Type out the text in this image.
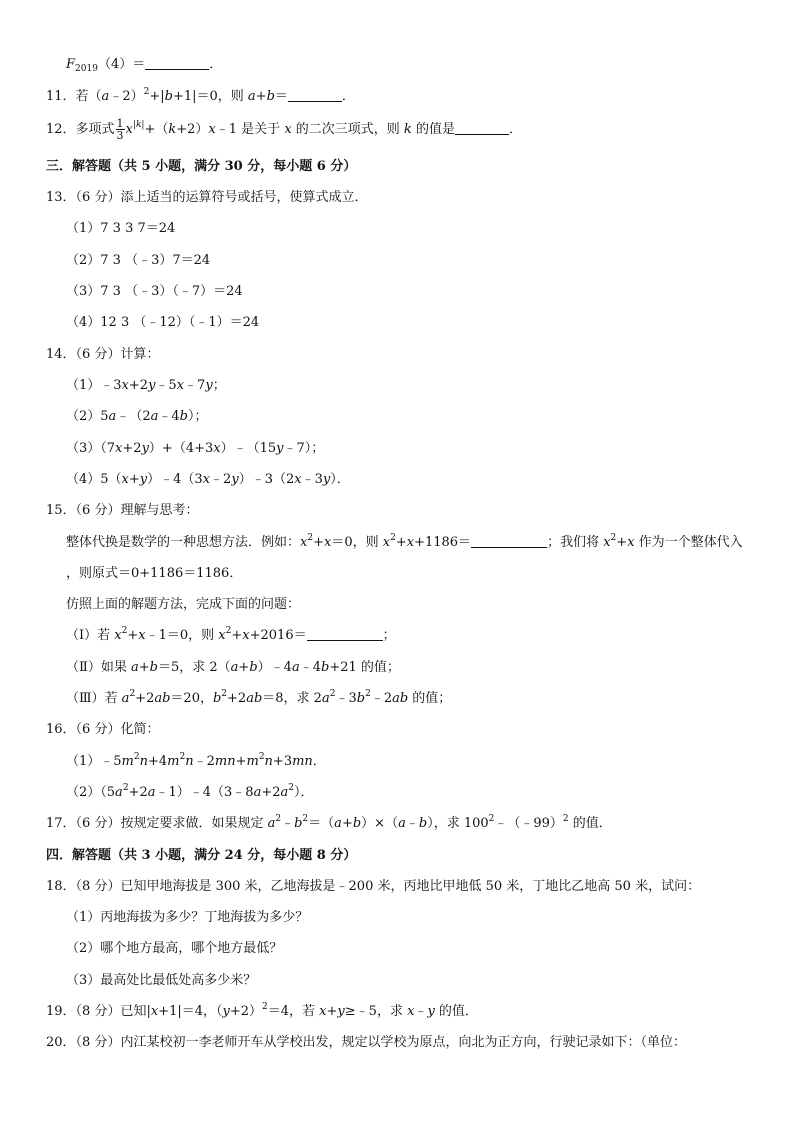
$F_{2019}(4)=$	．
11．若（a﹣2）$^2$+|b+1|＝0，则 a+b＝	．
12．多项式 $\frac{1}{3}$ $x^{|k|}+(k+2)x﹣1$ 是关于 x 的二次三项式，则 k 的值是	．
三．解答题（共 5 小题，满分 30 分，每小题 6 分）
13．（6 分）添上适当的运算符号或括号，使算式成立．
（1）7 3 3 7＝24
（2）7 3 （﹣3）7＝24
（3）7 3 （﹣3）（﹣7）＝24
（4）12 3 （﹣12）（﹣1）＝24
14．（6 分）计算：
（1）﹣3x+2y﹣5x﹣7y；
（2）5a﹣（2a﹣4b）；
（3）（7x+2y）+（4+3x）﹣（15y﹣7）；
（4）5（x+y）﹣4（3x﹣2y）﹣3（2x﹣3y）．
15．（6 分）理解与思考：
整体代换是数学的一种思想方法．例如：$x^2+x=0$，则 $x^2+x+1186=$	；我们将 $x^2+x$ 作为一个整体代入
，则原式＝0+1186＝1186．
仿照上面的解题方法，完成下面的问题：
（Ⅰ）若 $x^2+x﹣1=0$，则 $x^2+x+2016=$	；
（Ⅱ）如果 a+b＝5，求 2（a+b）﹣4a﹣4b+21 的值；
（Ⅲ）若 $a^2+2ab=20$，$b^2+2ab=8$，求 $2a^2﹣3b^2﹣2ab$ 的值；
16．（6 分）化简：
$(1)﹣5m^2n+4m^2n﹣2mn+m^2n+3mn$．
$(2)(5a^2+2a﹣1)﹣4(3﹣8a+2a^2)$．
17．（6 分）按规定要求做．如果规定 $a^2﹣b^2=(a+b)\times(a﹣b)$，求 $100^2﹣(﹣99)^2$ 的值．
四．解答题（共 3 小题，满分 24 分，每小题 8 分）
18．（8 分）已知甲地海拔是 300 米，乙地海拔是﹣200 米，丙地比甲地低 50 米，丁地比乙地高 50 米，试问：
（1）丙地海拔为多少？丁地海拔为多少？
（2）哪个地方最高，哪个地方最低？
（3）最高处比最低处高多少米？
19．（8 分）已知|x+1|＝4，$(y+2)^2=4$，若 x+y≥﹣5，求 x﹣y 的值．
20．（8 分）内江某校初一李老师开车从学校出发，规定以学校为原点，向北为正方向，行驶记录如下：（单位：
